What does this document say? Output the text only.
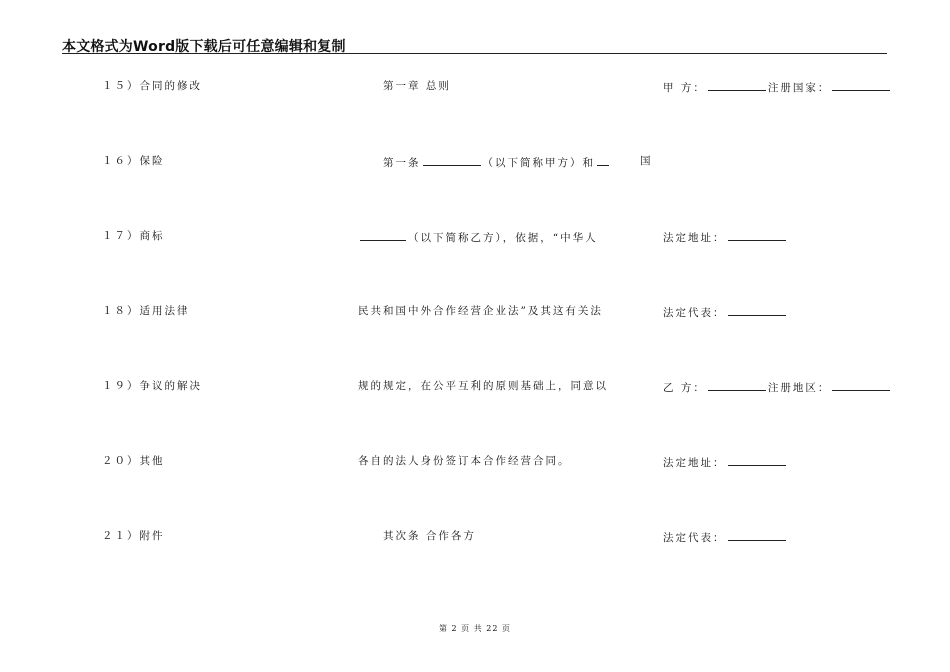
本文格式为Word版下载后可任意编辑和复制
１５）合同的修改	第一章 总则	甲 方：	注册国家：
１６）保险	第一条	（以下简称甲方）和	国
１７）商标	（以下简称乙方），依据，“中华人	法定地址：
１８）适用法律	民共和国中外合作经营企业法”及其这有关法	法定代表：
１９）争议的解决	规的规定，在公平互利的原则基础上，同意以	乙 方：	注册地区：
２０）其他	各自的法人身份签订本合作经营合同。	法定地址：
２１）附件	其次条 合作各方	法定代表：
第 2 页 共 22 页
